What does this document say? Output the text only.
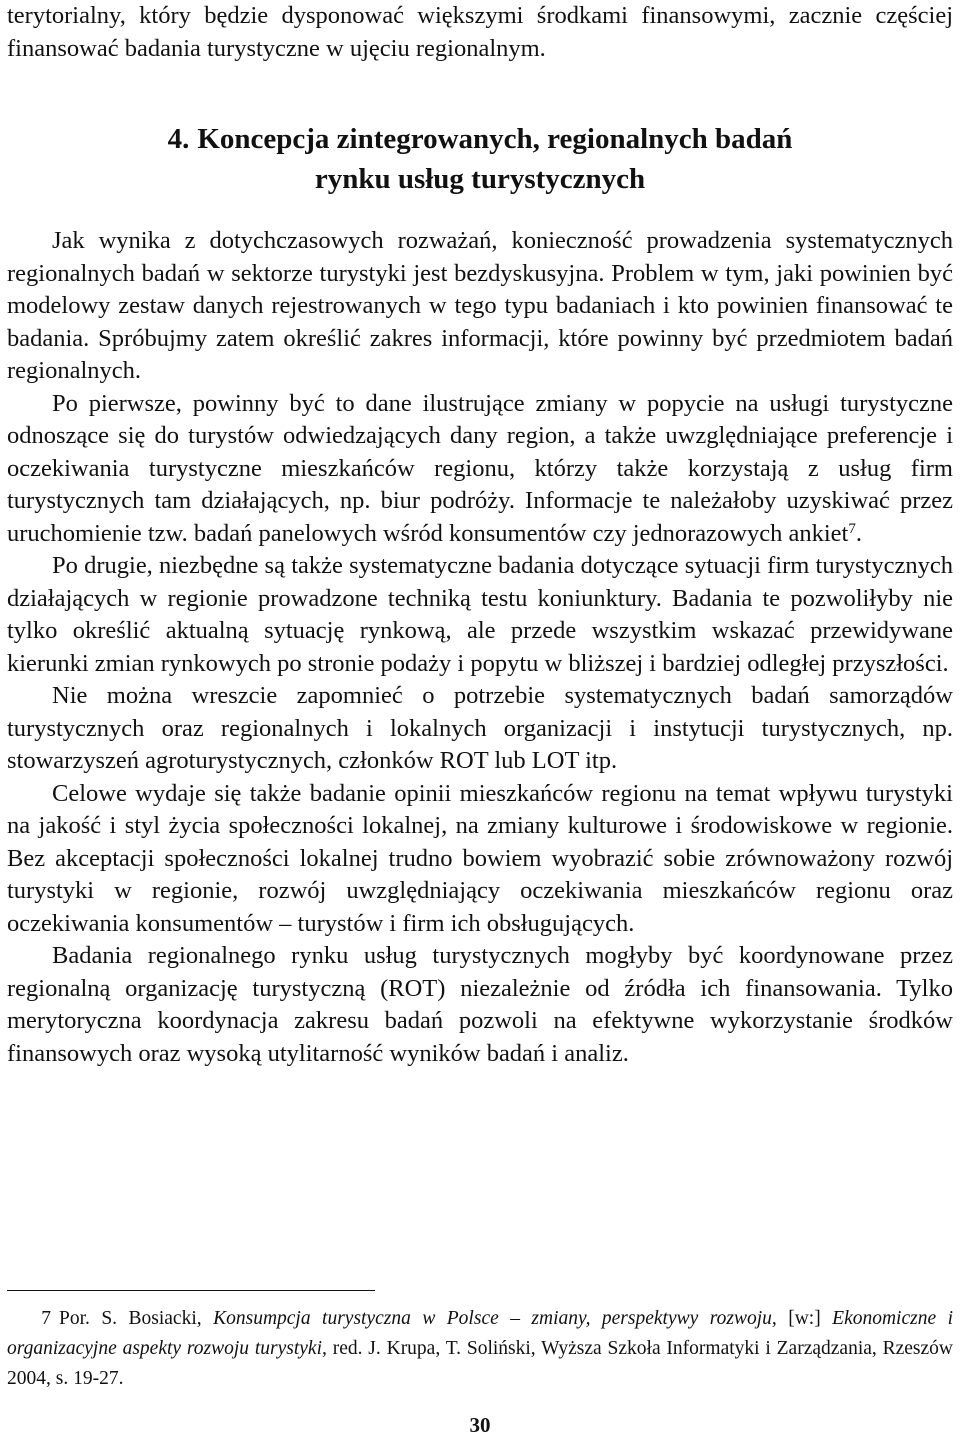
terytorialny, który będzie dysponować większymi środkami finansowymi, zacznie częściej finansować badania turystyczne w ujęciu regionalnym.

4. Koncepcja zintegrowanych, regionalnych badań
rynku usług turystycznych

Jak wynika z dotychczasowych rozważań, konieczność prowadzenia systematycznych regionalnych badań w sektorze turystyki jest bezdyskusyjna. Problem w tym, jaki powinien być modelowy zestaw danych rejestrowanych w tego typu badaniach i kto powinien finansować te badania. Spróbujmy zatem określić zakres informacji, które powinny być przedmiotem badań regionalnych.

Po pierwsze, powinny być to dane ilustrujące zmiany w popycie na usługi turystyczne odnoszące się do turystów odwiedzających dany region, a także uwzględniające preferencje i oczekiwania turystyczne mieszkańców regionu, którzy także korzystają z usług firm turystycznych tam działających, np. biur podróży. Informacje te należałoby uzyskiwać przez uruchomienie tzw. badań panelowych wśród konsumentów czy jednorazowych ankiet$^7$.

Po drugie, niezbędne są także systematyczne badania dotyczące sytuacji firm turystycznych działających w regionie prowadzone techniką testu koniunktury. Badania te pozwoliłyby nie tylko określić aktualną sytuację rynkową, ale przede wszystkim wskazać przewidywane kierunki zmian rynkowych po stronie podaży i popytu w bliższej i bardziej odległej przyszłości.

Nie można wreszcie zapomnieć o potrzebie systematycznych badań samorządów turystycznych oraz regionalnych i lokalnych organizacji i instytucji turystycznych, np. stowarzyszeń agroturystycznych, członków ROT lub LOT itp.

Celowe wydaje się także badanie opinii mieszkańców regionu na temat wpływu turystyki na jakość i styl życia społeczności lokalnej, na zmiany kulturowe i środowiskowe w regionie. Bez akceptacji społeczności lokalnej trudno bowiem wyobrazić sobie zrównoważony rozwój turystyki w regionie, rozwój uwzględniający oczekiwania mieszkańców regionu oraz oczekiwania konsumentów – turystów i firm ich obsługujących.

Badania regionalnego rynku usług turystycznych mogłyby być koordynowane przez regionalną organizację turystyczną (ROT) niezależnie od źródła ich finansowania. Tylko merytoryczna koordynacja zakresu badań pozwoli na efektywne wykorzystanie środków finansowych oraz wysoką utylitarność wyników badań i analiz.

7 Por. S. Bosiacki, Konsumpcja turystyczna w Polsce – zmiany, perspektywy rozwoju, [w:] Ekonomiczne i organizacyjne aspekty rozwoju turystyki, red. J. Krupa, T. Soliński, Wyższa Szkoła Informatyki i Zarządzania, Rzeszów 2004, s. 19-27.
30
